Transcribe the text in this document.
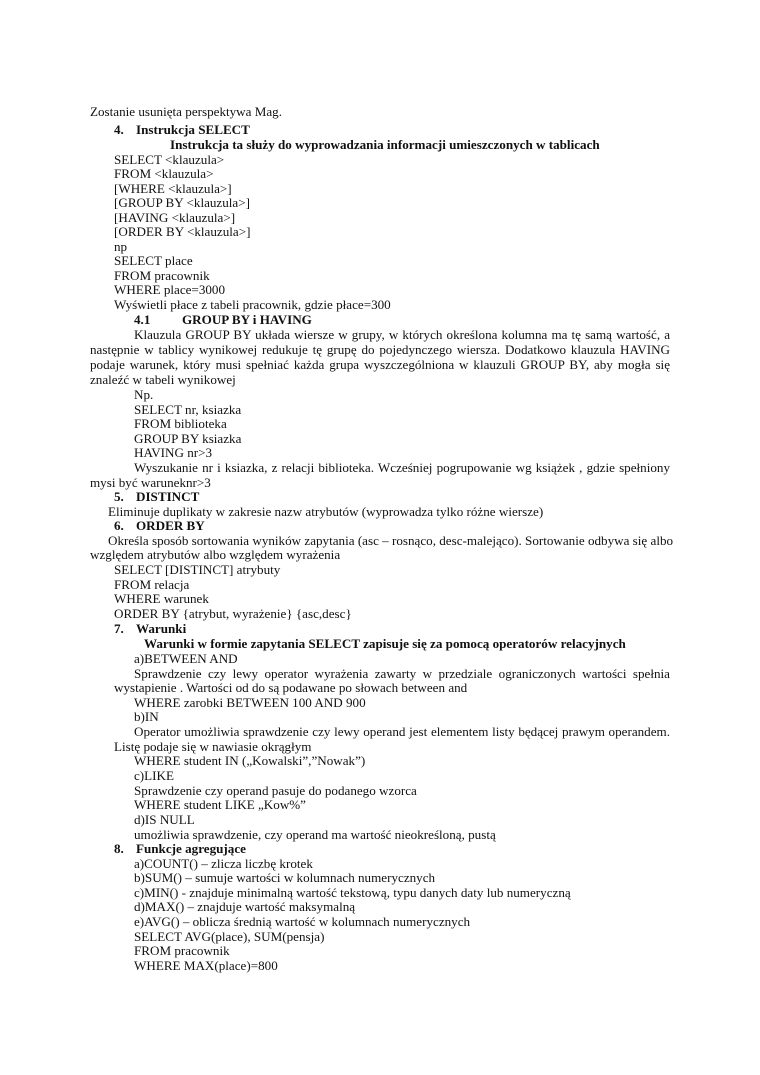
Zostanie usunięta perspektywa Mag.
4. Instrukcja SELECT
Instrukcja ta służy do wyprowadzania informacji umieszczonych w tablicach
SELECT <klauzula>
FROM <klauzula>
[WHERE <klauzula>]
[GROUP BY <klauzula>]
[HAVING <klauzula>]
[ORDER BY <klauzula>]
np
SELECT place
FROM pracownik
WHERE place=3000
Wyświetli płace z tabeli pracownik, gdzie płace=300
4.1 GROUP BY i HAVING
Klauzula GROUP BY układa wiersze w grupy, w których określona kolumna ma tę samą wartość, a
następnie w tablicy wynikowej redukuje tę grupę do pojedynczego wiersza. Dodatkowo klauzula HAVING
podaje warunek, który musi spełniać każda grupa wyszczególniona w klauzuli GROUP BY, aby mogła się
znaleźć w tabeli wynikowej
Np.
SELECT nr, ksiazka
FROM biblioteka
GROUP BY ksiazka
HAVING nr>3
Wyszukanie nr i ksiazka, z relacji biblioteka. Wcześniej pogrupowanie wg książek , gdzie spełniony
mysi być waruneknr>3
5. DISTINCT
Eliminuje duplikaty w zakresie nazw atrybutów (wyprowadza tylko różne wiersze)
6. ORDER BY
Określa sposób sortowania wyników zapytania (asc – rosnąco, desc-malejąco). Sortowanie odbywa się albo
względem atrybutów albo względem wyrażenia
SELECT [DISTINCT] atrybuty
FROM relacja
WHERE warunek
ORDER BY {atrybut, wyrażenie} {asc,desc}
7. Warunki
Warunki w formie zapytania SELECT zapisuje się za pomocą operatorów relacyjnych
a)BETWEEN AND
Sprawdzenie czy lewy operator wyrażenia zawarty w przedziale ograniczonych wartości spełnia
wystapienie . Wartości od do są podawane po słowach between and
WHERE zarobki BETWEEN 100 AND 900
b)IN
Operator umożliwia sprawdzenie czy lewy operand jest elementem listy będącej prawym operandem.
Listę podaje się w nawiasie okrągłym
WHERE student IN („Kowalski”,”Nowak”)
c)LIKE
Sprawdzenie czy operand pasuje do podanego wzorca
WHERE student LIKE „Kow%”
d)IS NULL
umożliwia sprawdzenie, czy operand ma wartość nieokreśloną, pustą
8. Funkcje agregujące
a)COUNT() – zlicza liczbę krotek
b)SUM() – sumuje wartości w kolumnach numerycznych
c)MIN() - znajduje minimalną wartość tekstową, typu danych daty lub numeryczną
d)MAX() – znajduje wartość maksymalną
e)AVG() – oblicza średnią wartość w kolumnach numerycznych
SELECT AVG(place), SUM(pensja)
FROM pracownik
WHERE MAX(place)=800
